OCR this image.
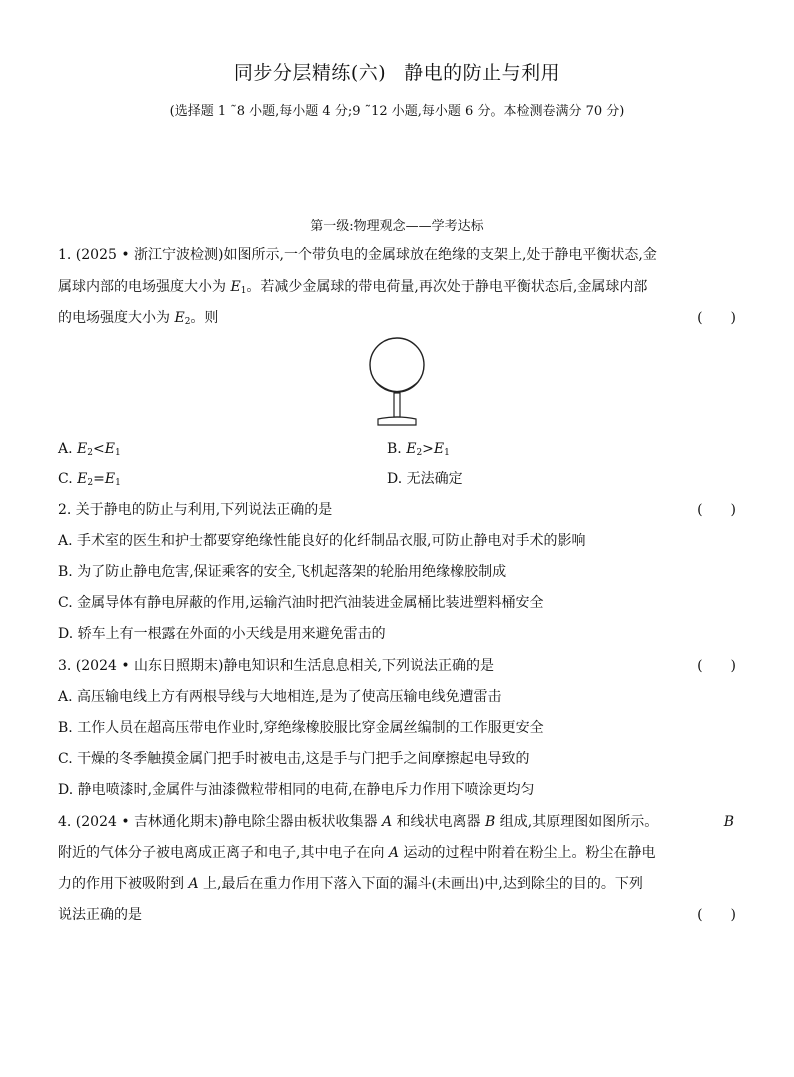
同步分层精练(六) 静电的防止与利用
(选择题 1 ˜8 小题,每小题 4 分;9 ˜12 小题,每小题 6 分。本检测卷满分 70 分)
第一级:物理观念——学考达标
1. (2025 • 浙江宁波检测)如图所示,一个带负电的金属球放在绝缘的支架上,处于静电平衡状态,金
属球内部的电场强度大小为 $E_1$。若减少金属球的带电荷量,再次处于静电平衡状态后,金属球内部
的电场强度大小为 $E_2$。则	(　　)
A. $E_2<E_1$	B. $E_2>E_1$
C. $E_2=E_1$	D. 无法确定
2. 关于静电的防止与利用,下列说法正确的是	(　　)
A. 手术室的医生和护士都要穿绝缘性能良好的化纤制品衣服,可防止静电对手术的影响
B. 为了防止静电危害,保证乘客的安全,飞机起落架的轮胎用绝缘橡胶制成
C. 金属导体有静电屏蔽的作用,运输汽油时把汽油装进金属桶比装进塑料桶安全
D. 轿车上有一根露在外面的小天线是用来避免雷击的
3. (2024 • 山东日照期末)静电知识和生活息息相关,下列说法正确的是	(　　)
A. 高压输电线上方有两根导线与大地相连,是为了使高压输电线免遭雷击
B. 工作人员在超高压带电作业时,穿绝缘橡胶服比穿金属丝编制的工作服更安全
C. 干燥的冬季触摸金属门把手时被电击,这是手与门把手之间摩擦起电导致的
D. 静电喷漆时,金属件与油漆微粒带相同的电荷,在静电斥力作用下喷涂更均匀
4. (2024 • 吉林通化期末)静电除尘器由板状收集器 A 和线状电离器 B 组成,其原理图如图所示。	B
附近的气体分子被电离成正离子和电子,其中电子在向 A 运动的过程中附着在粉尘上。粉尘在静电
力的作用下被吸附到 A 上,最后在重力作用下落入下面的漏斗(未画出)中,达到除尘的目的。下列
说法正确的是	(　　)
